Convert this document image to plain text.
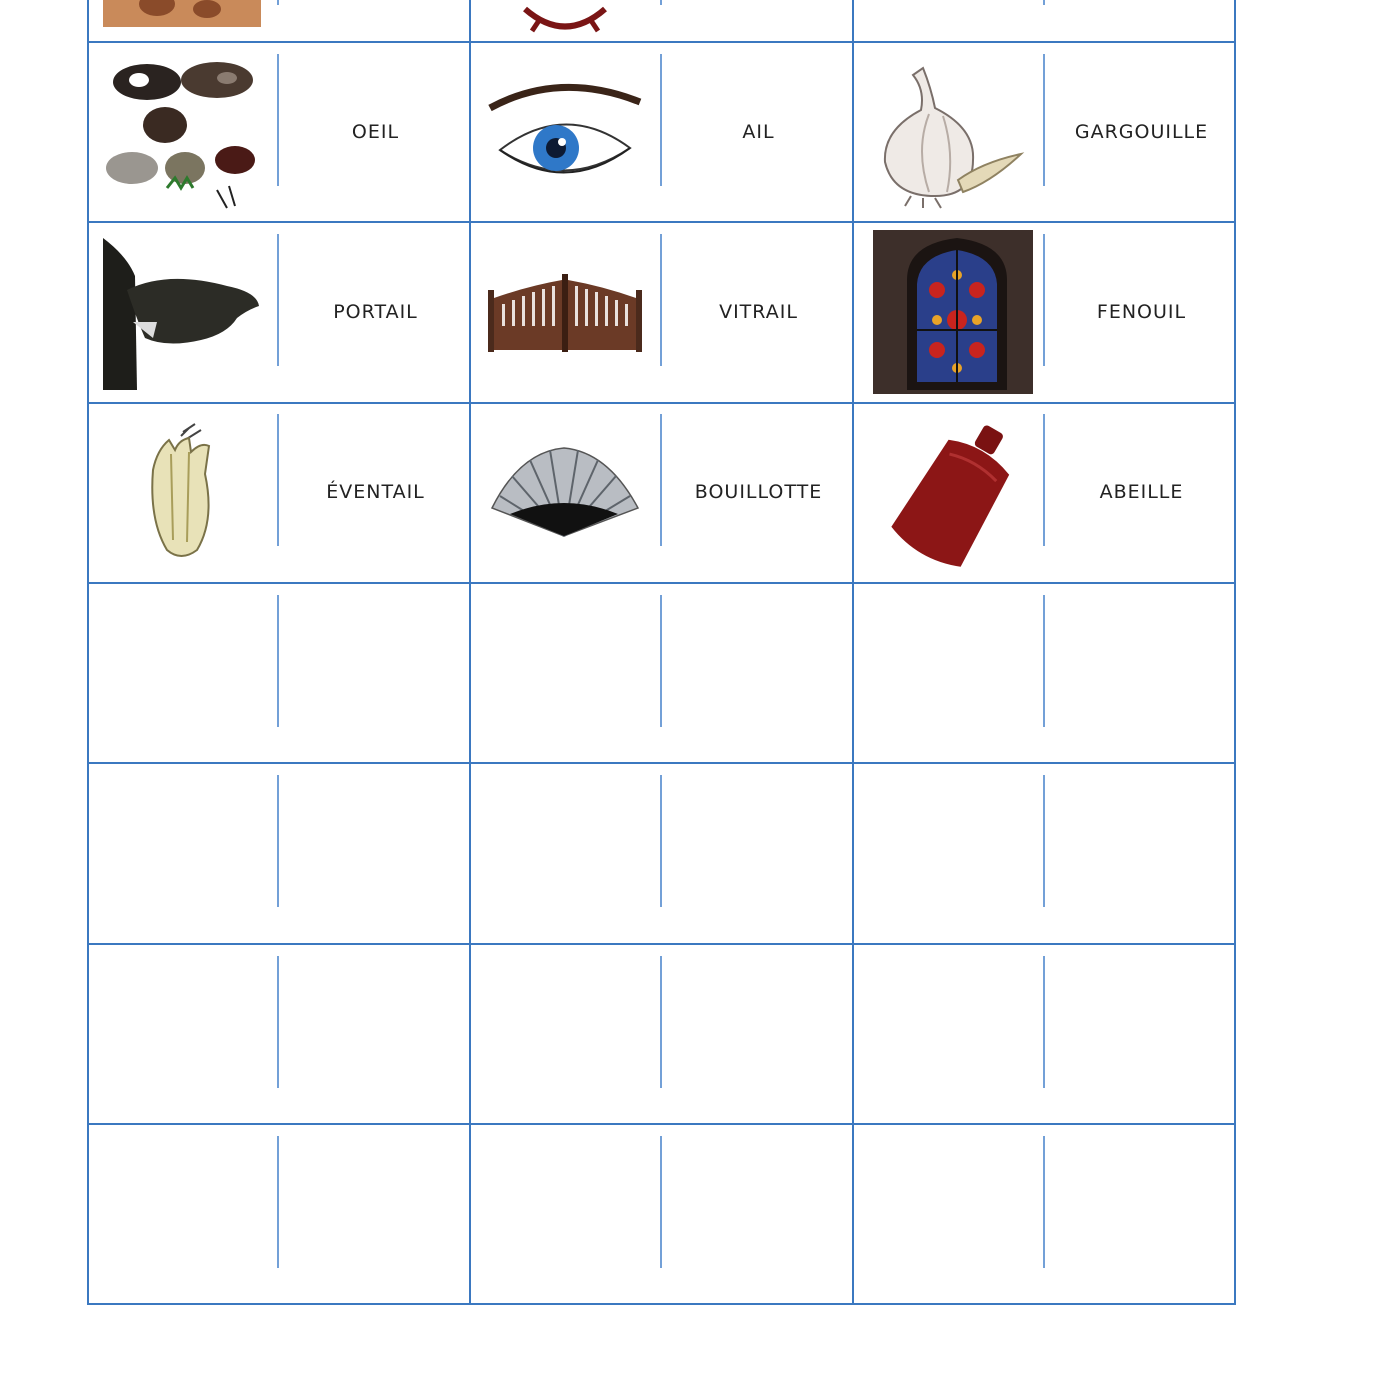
OEIL	AIL	GARGOUILLE
PORTAIL	VITRAIL	FENOUIL
ÉVENTAIL	BOUILLOTTE	ABEILLE
